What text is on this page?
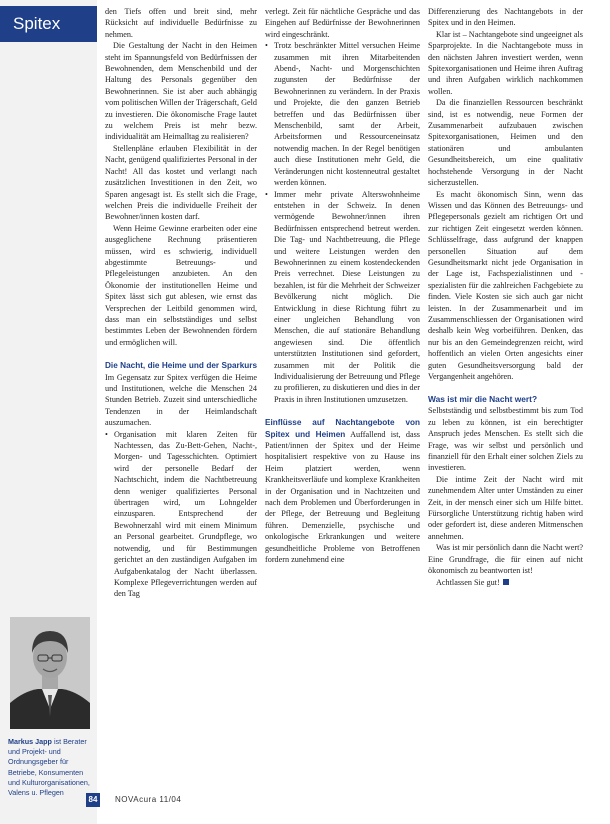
Spitex
Markus Japp ist Berater und Projekt- und Ordnungsgeber für Betriebe, Konsumenten und Kulturorganisationen, Valens u. Pflegen

den Tiefs offen und breit sind, mehr Rücksicht auf individuelle Bedürfnisse zu nehmen.

Die Gestaltung der Nacht in den Heimen steht im Spannungsfeld von Bedürfnissen der Bewohnenden, dem Menschenbild und der Haltung des Personals gegenüber den Bewohnerinnen. Sie ist aber auch abhängig vom politischen Willen der Trägerschaft, Geld zu investieren. Die ökonomische Frage lautet zu welchem Preis ist mehr bezw. individualität am Heimalltag zu realisieren?

Stellenpläne erlauben Flexibilität in der Nacht, genügend qualifiziertes Personal in der Nacht! All das kostet und verlangt nach zusätzlichen Investitionen in den Zeit, wo Sparen angesagt ist. Es stellt sich die Frage, welchen Preis die individuelle Freiheit der Bewohner/innen kosten darf.

Wenn Heime Gewinne erarbeiten oder eine ausgeglichene Rechnung präsentieren müssen, wird es schwierig, individuell abgestimmte Betreuungs- und Pflegeleistungen anzubieten. An den Ökonomie der institutionellen Heime und Spitex lässt sich gut ablesen, wie ernst das Versprechen der Leitbild genommen wird, dass man ein selbstständiges und selbst bestimmtes Leben der Bewohnenden fördern und ermöglichen will.

Die Nacht, die Heime und der Sparkurs Im Gegensatz zur Spitex verfügen die Heime und Institutionen, welche die Menschen 24 Stunden Betrieb. Zuzeit sind unterschiedliche Tendenzen in der Heimlandschaft auszumachen.

• Organisation mit klaren Zeiten für Nachtessen, das Zu-Bett-Gehen, Nacht-, Morgen- und Tagesschichten. Optimiert wird der personelle Bedarf der Nachtschicht, indem die Nachtbetreuung denn weniger qualifiziertes Personal übertragen wird, um Lohngelder einzusparen. Entsprechend der Bewohnerzahl wird mit einem Minimum an Personal gearbeitet. Grundpflege, wo notwendig, und für Bestimmungen gerichtet an den zuständigen Aufgaben im Aufgabenkatalog der Nacht überlassen. Komplexe Pflegeverrichtungen werden auf den Tag

verlegt. Zeit für nächtliche Gespräche und das Eingehen auf Bedürfnisse der Bewohnerinnen wird eingeschränkt.

• Trotz beschränkter Mittel versuchen Heime zusammen mit ihren Mitarbeitenden Abend-, Nacht- und Morgenschichten zugunsten der Bedürfnisse der Bewohnerinnen zu verändern. In der Praxis und Projekte, die den ganzen Betrieb betreffen und das Bedürfnissen über Menschenbild, samt der Arbeit, Arbeitsformen und Ressourceneinsatz notwendig machen. In der Regel benötigen auch diese Institutionen mehr Geld, die Veränderungen nicht kostenneutral gestaltet werden können.
• Immer mehr private Alterswohnheime entstehen in der Schweiz. In denen vermögende Bewohner/innen ihren Bedürfnissen entsprechend betreut werden. Die Tag- und Nachtbetreuung, die Pflege und weitere Leistungen werden den Bewohnerinnen zu einem kostendeckenden Preis verrechnet. Diese Leistungen zu bezahlen, ist für die Mehrheit der Schweizer Bevölkerung nicht möglich. Die Entwicklung in diese Richtung führt zu einer ungleichen Behandlung von Menschen, die auf stationäre Behandlung angewiesen sind. Die öffentlich unterstützten Institutionen sind gefordert, zusammen mit der Politik die Individualisierung der Betreuung und Pflege zu profilieren, zu diskutieren und dies in der Praxis in ihren Institutionen umzusetzen.

Einflüsse auf Nachtangebote von Spitex und Heimen Auffallend ist, dass Patient/innen der Spitex und der Heime hospitalisiert respektive von zu Hause ins Heim platziert werden, wenn Krankheitsverläufe und komplexe Krankheiten in der Organisation und in Nachtzeiten und nach dem Problemen und Überforderungen in der Pflege, der Betreuung und Begleitung führen. Demenzielle, psychische und onkologische Erkrankungen und weitere gesundheitliche Probleme von Betroffenen fordern zunehmend eine

Differenzierung des Nachtangebots in der Spitex und in den Heimen.

Klar ist – Nachtangebote sind ungeeignet als Sparprojekte. In die Nachtangebote muss in den nächsten Jahren investiert werden, wenn Spitexorganisationen und Heime ihren Auftrag und ihren Aufgaben wirklich nachkommen wollen.

Da die finanziellen Ressourcen beschränkt sind, ist es notwendig, neue Formen der Zusammenarbeit aufzubauen zwischen Spitexorganisationen, Heimen und den stationären und ambulanten Gesundheitsbereich, um eine qualitativ hochstehende Versorgung in der Nacht sicherzustellen.

Es macht ökonomisch Sinn, wenn das Wissen und das Können des Betreuungs- und Pflegepersonals gezielt am richtigen Ort und zur richtigen Zeit eingesetzt werden können. Schlüsselfrage, dass aufgrund der knappen personellen Situation auf dem Gesundheitsmarkt nicht jede Organisation in der Lage ist, Fachspezialistinnen und -spezialisten für die zahlreichen Fachgebiete zu finden. Viele Kosten sie sich auch gar nicht leisten. In der Zusammenarbeit und im Zusammenschliessen der Organisationen wird deshalb kein Weg vorbeiführen. Denken, das nur bis an den Gemeindegrenzen reicht, wird hoffentlich an vielen Orten angesichts einer guten Gesundheitsversorgung bald der Vergangenheit angehören.

Was ist mir die Nacht wert?

Selbstständig und selbstbestimmt bis zum Tod zu leben zu können, ist ein berechtigter Anspruch jedes Menschen. Es stellt sich die Frage, was wir selbst und persönlich und finanziell für den Erhalt einer solchen Ziels zu investieren.

Die intime Zeit der Nacht wird mit zunehmendem Alter unter Umständen zu einer Zeit, in der mensch einer sich um Hilfe bittet. Fürsorgliche Unterstützung richtig haben wird oder gefordert ist, diese anderen Mitmenschen annehmen.

Was ist mir persönlich dann die Nacht wert? Eine Grundfrage, die für einen auf nicht ökonomisch zu beantworten ist!

Achtlassen Sie gut!

84	NOVAcura 11/04
